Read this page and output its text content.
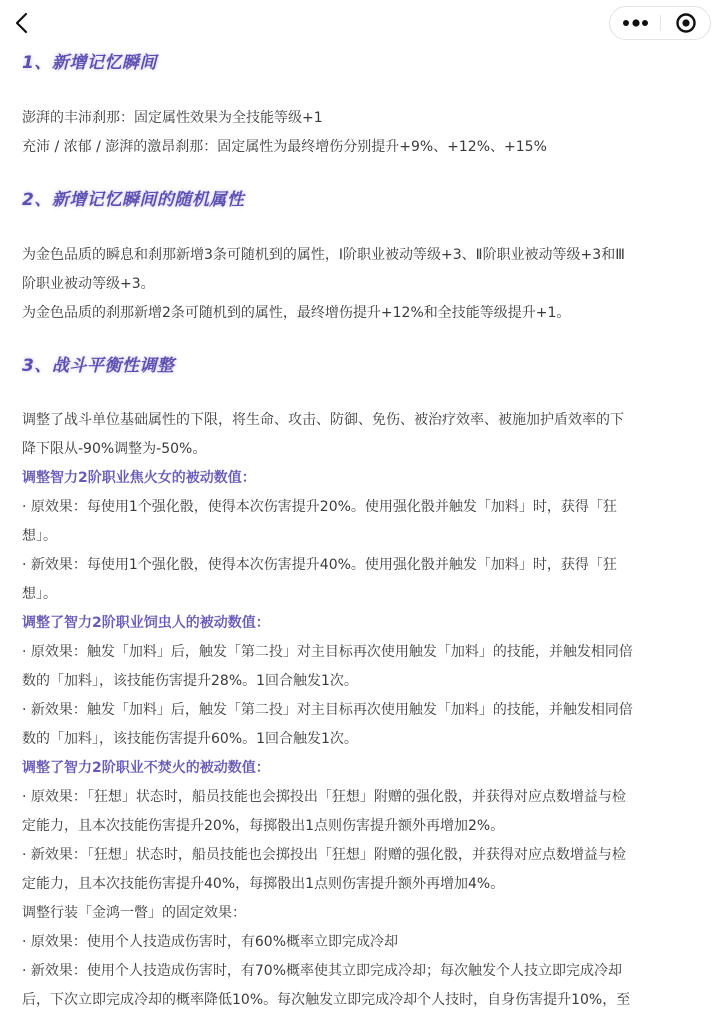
1、新增记忆瞬间

澎湃的丰沛刹那：固定属性效果为全技能等级+1

充沛 / 浓郁 / 澎湃的激昂刹那：固定属性为最终增伤分别提升+9%、+12%、+15%

2、新增记忆瞬间的随机属性

为金色品质的瞬息和刹那新增3条可随机到的属性，Ⅰ阶职业被动等级+3、Ⅱ阶职业被动等级+3和Ⅲ

阶职业被动等级+3。

为金色品质的刹那新增2条可随机到的属性，最终增伤提升+12%和全技能等级提升+1。

3、战斗平衡性调整

调整了战斗单位基础属性的下限，将生命、攻击、防御、免伤、被治疗效率、被施加护盾效率的下

降下限从-90%调整为-50%。

调整智力2阶职业焦火女的被动数值：

· 原效果：每使用1个强化骰，使得本次伤害提升20%。使用强化骰并触发「加料」时，获得「狂

想」。

· 新效果：每使用1个强化骰，使得本次伤害提升40%。使用强化骰并触发「加料」时，获得「狂

想」。

调整了智力2阶职业饲虫人的被动数值：

· 原效果：触发「加料」后，触发「第二投」对主目标再次使用触发「加料」的技能，并触发相同倍

数的「加料」，该技能伤害提升28%。1回合触发1次。

· 新效果：触发「加料」后，触发「第二投」对主目标再次使用触发「加料」的技能，并触发相同倍

数的「加料」，该技能伤害提升60%。1回合触发1次。

调整了智力2阶职业不焚火的被动数值：

· 原效果：「狂想」状态时，船员技能也会掷投出「狂想」附赠的强化骰，并获得对应点数增益与检

定能力，且本次技能伤害提升20%，每掷骰出1点则伤害提升额外再增加2%。

· 新效果：「狂想」状态时，船员技能也会掷投出「狂想」附赠的强化骰，并获得对应点数增益与检

定能力，且本次技能伤害提升40%，每掷骰出1点则伤害提升额外再增加4%。

调整行装「金鸿一瞥」的固定效果：

· 原效果：使用个人技造成伤害时，有60%概率立即完成冷却

· 新效果：使用个人技造成伤害时，有70%概率使其立即完成冷却；每次触发个人技立即完成冷却

后，下次立即完成冷却的概率降低10%。每次触发立即完成冷却个人技时，自身伤害提升10%，至
